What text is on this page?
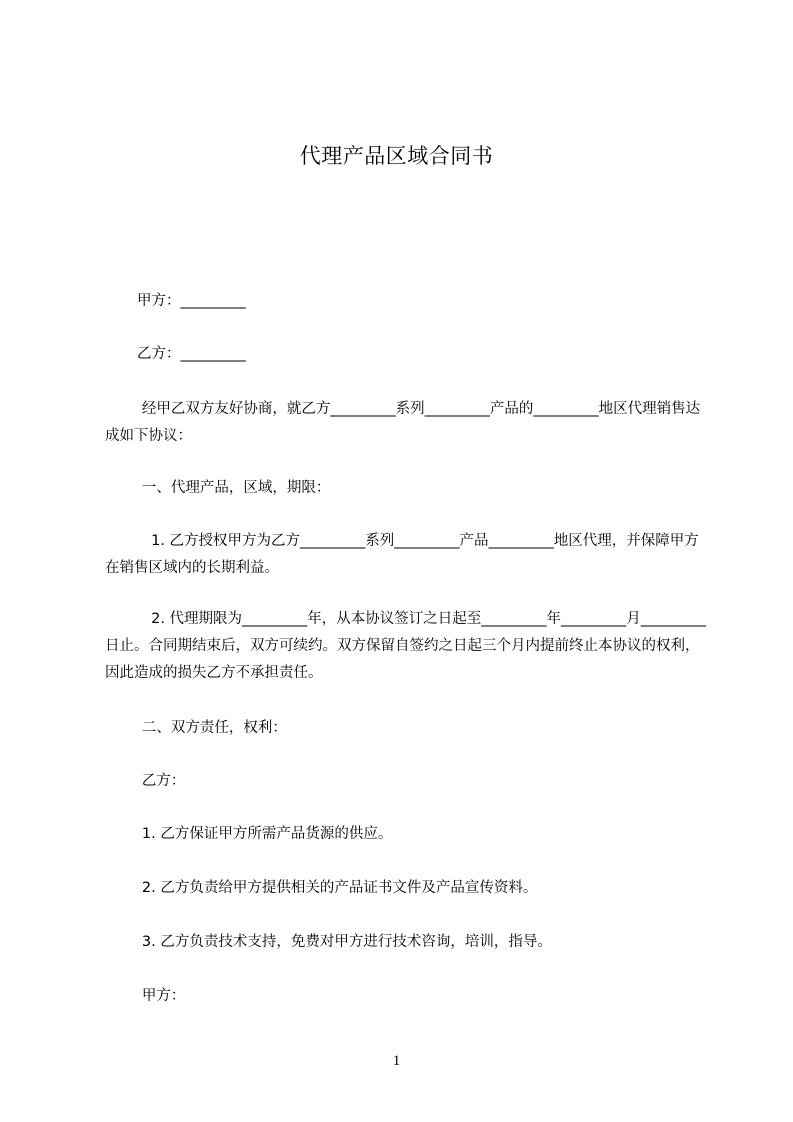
代理产品区域合同书
甲方：_________
乙方：_________
经甲乙双方友好协商，就乙方_________系列_________产品的_________地区代理销售达成如下协议：
一、代理产品，区域，期限：
1. 乙方授权甲方为乙方_________系列_________产品_________地区代理，并保障甲方在销售区域内的长期利益。
2. 代理期限为_________年，从本协议签订之日起至_________年_________月_________日止。合同期结束后，双方可续约。双方保留自签约之日起三个月内提前终止本协议的权利，因此造成的损失乙方不承担责任。
二、双方责任，权利：
乙方：
1. 乙方保证甲方所需产品货源的供应。
2. 乙方负责给甲方提供相关的产品证书文件及产品宣传资料。
3. 乙方负责技术支持，免费对甲方进行技术咨询，培训，指导。
甲方：
1
